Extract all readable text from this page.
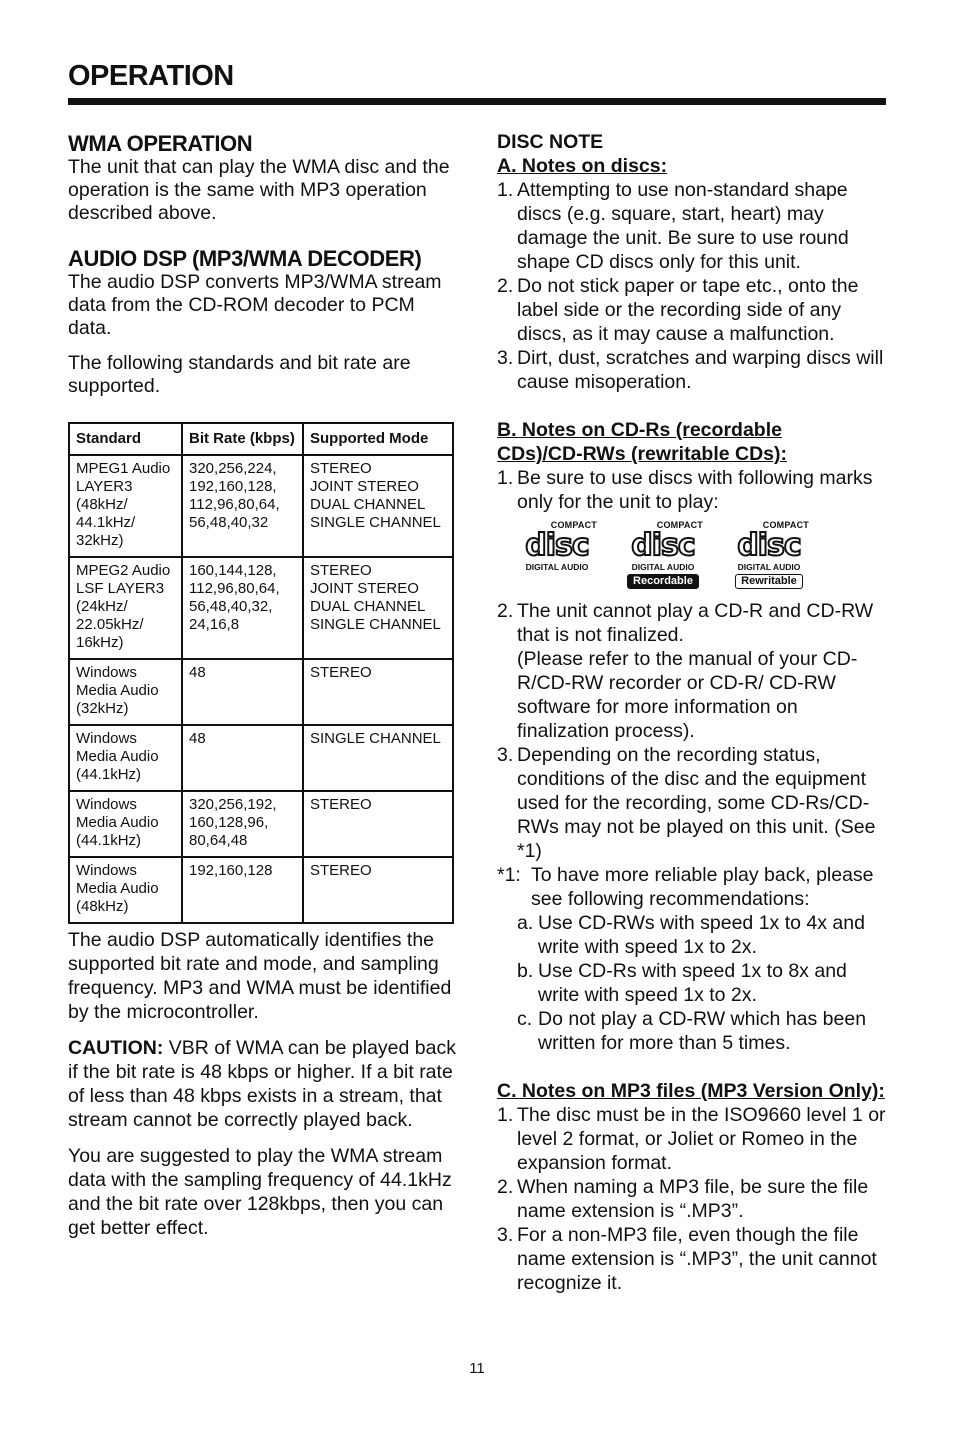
OPERATION
WMA OPERATION

The unit that can play the WMA disc and the operation is the same with MP3 operation described above.

AUDIO DSP (MP3/WMA DECODER)

The audio DSP converts MP3/WMA stream data from the CD-ROM decoder to PCM data.

The following standards and bit rate are supported.

Standard	Bit Rate (kbps)	Supported Mode
MPEG1 Audio
LAYER3
(48kHz/
44.1kHz/
32kHz)	320,256,224,
192,160,128,
112,96,80,64,
56,48,40,32	STEREO
JOINT STEREO
DUAL CHANNEL
SINGLE CHANNEL
MPEG2 Audio
LSF LAYER3
(24kHz/
22.05kHz/
16kHz)	160,144,128,
112,96,80,64,
56,48,40,32,
24,16,8	STEREO
JOINT STEREO
DUAL CHANNEL
SINGLE CHANNEL
Windows
Media Audio
(32kHz)	48	STEREO
Windows
Media Audio
(44.1kHz)	48	SINGLE CHANNEL
Windows
Media Audio
(44.1kHz)	320,256,192,
160,128,96,
80,64,48	STEREO
Windows
Media Audio
(48kHz)	192,160,128	STEREO

The audio DSP automatically identifies the supported bit rate and mode, and sampling frequency. MP3 and WMA must be identified by the microcontroller.

CAUTION: VBR of WMA can be played back if the bit rate is 48 kbps or higher. If a bit rate of less than 48 kbps exists in a stream, that stream cannot be correctly played back.

You are suggested to play the WMA stream data with the sampling frequency of 44.1kHz and the bit rate over 128kbps, then you can get better effect.

DISC NOTE
A. Notes on discs:
1. Attempting to use non-standard shape discs (e.g. square, start, heart) may damage the unit. Be sure to use round shape CD discs only for this unit.
2. Do not stick paper or tape etc., onto the label side or the recording side of any discs, as it may cause a malfunction.
3. Dirt, dust, scratches and warping discs will cause misoperation.
B. Notes on CD-Rs (recordable
CDs)/CD-RWs (rewritable CDs):
1. Be sure to use discs with following marks only for the unit to play:
COMPACT
disc
DIGITAL AUDIO
COMPACT
disc
DIGITAL AUDIO
Recordable
COMPACT
disc
DIGITAL AUDIO
Rewritable
2. The unit cannot play a CD-R and CD-RW that is not finalized.
(Please refer to the manual of your CD-R/CD-RW recorder or CD-R/ CD-RW software for more information on finalization process).
3. Depending on the recording status, conditions of the disc and the equipment used for the recording, some CD-Rs/CD-RWs may not be played on this unit. (See *1)
*1: To have more reliable play back, please see following recommendations:
a. Use CD-RWs with speed 1x to 4x and write with speed 1x to 2x.
b. Use CD-Rs with speed 1x to 8x and write with speed 1x to 2x.
c. Do not play a CD-RW which has been written for more than 5 times.
C. Notes on MP3 files (MP3 Version Only):
1. The disc must be in the ISO9660 level 1 or level 2 format, or Joliet or Romeo in the expansion format.
2. When naming a MP3 file, be sure the file name extension is “.MP3”.
3. For a non-MP3 file, even though the file name extension is “.MP3”, the unit cannot recognize it.
11
